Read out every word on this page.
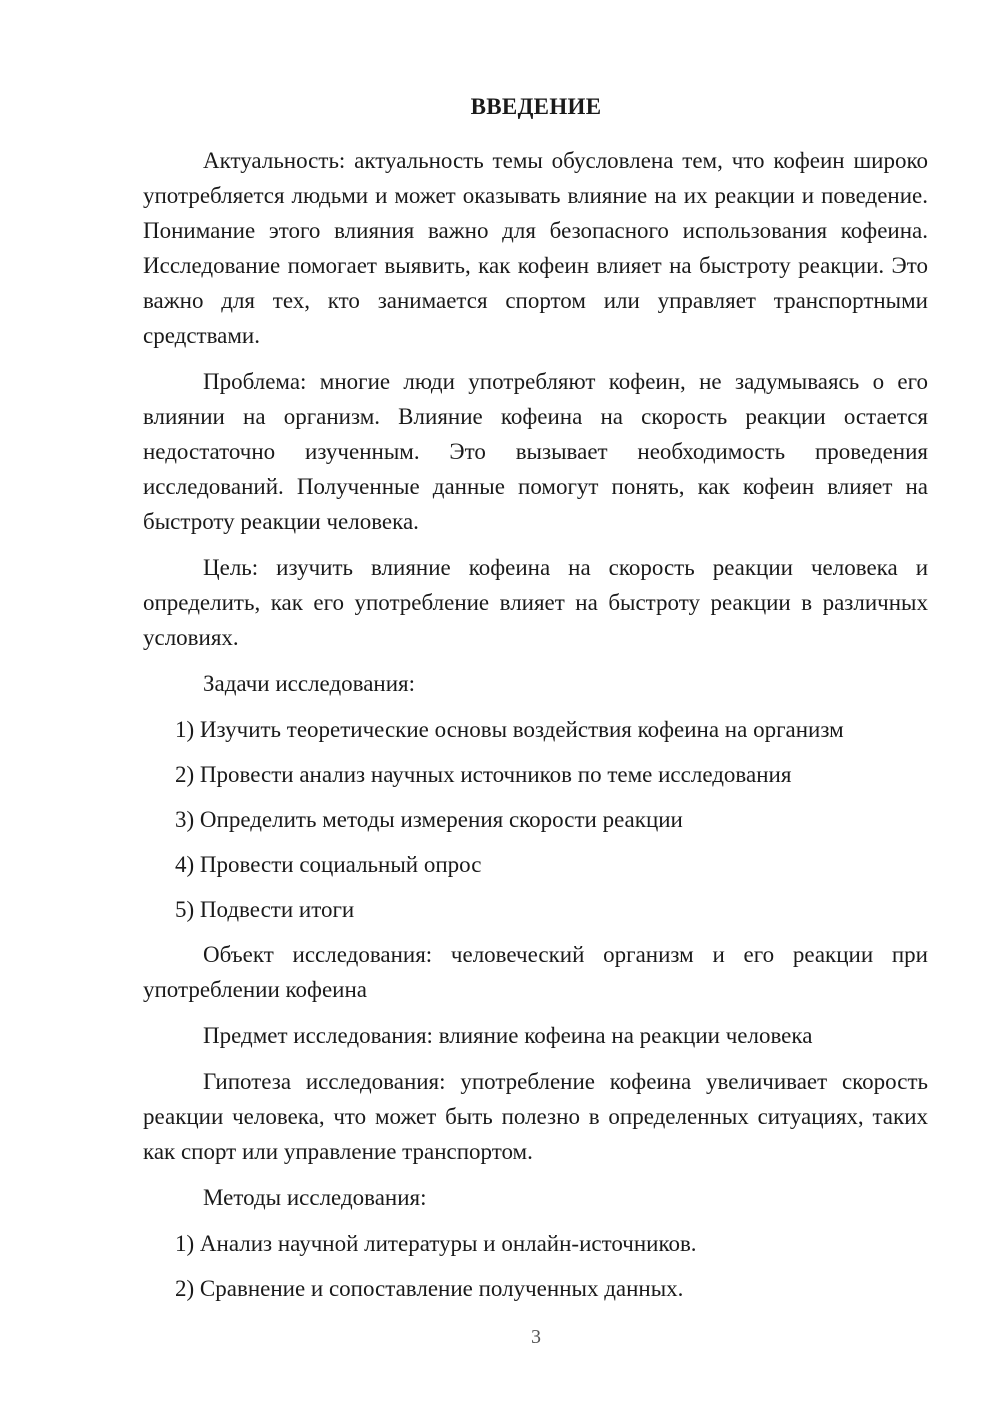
ВВЕДЕНИЕ

Актуальность: актуальность темы обусловлена тем, что кофеин широко употребляется людьми и может оказывать влияние на их реакции и поведение. Понимание этого влияния важно для безопасного использования кофеина. Исследование помогает выявить, как кофеин влияет на быстроту реакции. Это важно для тех, кто занимается спортом или управляет транспортными средствами.

Проблема: многие люди употребляют кофеин, не задумываясь о его влиянии на организм. Влияние кофеина на скорость реакции остается недостаточно изученным. Это вызывает необходимость проведения исследований. Полученные данные помогут понять, как кофеин влияет на быстроту реакции человека.

Цель: изучить влияние кофеина на скорость реакции человека и определить, как его употребление влияет на быстроту реакции в различных условиях.

Задачи исследования:

1) Изучить теоретические основы воздействия кофеина на организм
2) Провести анализ научных источников по теме исследования
3) Определить методы измерения скорости реакции
4) Провести социальный опрос
5) Подвести итоги

Объект исследования: человеческий организм и его реакции при употреблении кофеина

Предмет исследования: влияние кофеина на реакции человека

Гипотеза исследования: употребление кофеина увеличивает скорость реакции человека, что может быть полезно в определенных ситуациях, таких как спорт или управление транспортом.

Методы исследования:

1) Анализ научной литературы и онлайн-источников.
2) Сравнение и сопоставление полученных данных.
3
